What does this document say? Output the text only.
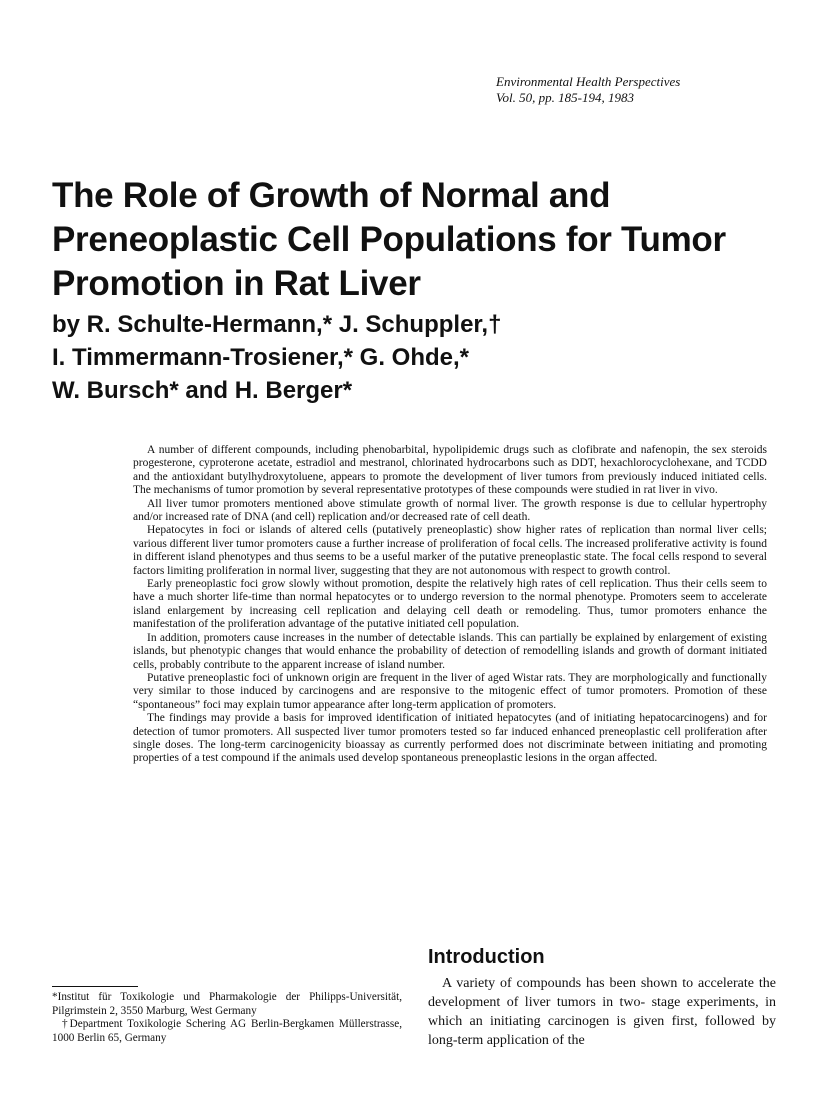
Environmental Health Perspectives
Vol. 50, pp. 185-194, 1983
The Role of Growth of Normal and
Preneoplastic Cell Populations for Tumor
Promotion in Rat Liver
by R. Schulte-Hermann,* J. Schuppler,†
I. Timmermann-Trosiener,* G. Ohde,*
W. Bursch* and H. Berger*

A number of different compounds, including phenobarbital, hypolipidemic drugs such as clofibrate and nafenopin, the sex steroids progesterone, cyproterone acetate, estradiol and mestranol, chlorinated hydrocarbons such as DDT, hexachlorocyclohexane, and TCDD and the antioxidant butylhydroxytoluene, appears to promote the development of liver tumors from previously induced initiated cells. The mechanisms of tumor promotion by several representative prototypes of these compounds were studied in rat liver in vivo.

All liver tumor promoters mentioned above stimulate growth of normal liver. The growth response is due to cellular hypertrophy and/or increased rate of DNA (and cell) replication and/or decreased rate of cell death.

Hepatocytes in foci or islands of altered cells (putatively preneoplastic) show higher rates of replication than normal liver cells; various different liver tumor promoters cause a further increase of proliferation of focal cells. The increased proliferative activity is found in different island phenotypes and thus seems to be a useful marker of the putative preneoplastic state. The focal cells respond to several factors limiting proliferation in normal liver, suggesting that they are not autonomous with respect to growth control.

Early preneoplastic foci grow slowly without promotion, despite the relatively high rates of cell replication. Thus their cells seem to have a much shorter life-time than normal hepatocytes or to undergo reversion to the normal phenotype. Promoters seem to accelerate island enlargement by increasing cell replication and delaying cell death or remodeling. Thus, tumor promoters enhance the manifestation of the proliferation advantage of the putative initiated cell population.

In addition, promoters cause increases in the number of detectable islands. This can partially be explained by enlargement of existing islands, but phenotypic changes that would enhance the probability of detection of remodelling islands and growth of dormant initiated cells, probably contribute to the apparent increase of island number.

Putative preneoplastic foci of unknown origin are frequent in the liver of aged Wistar rats. They are morphologically and functionally very similar to those induced by carcinogens and are responsive to the mitogenic effect of tumor promoters. Promotion of these “spontaneous” foci may explain tumor appearance after long-term application of promoters.

The findings may provide a basis for improved identification of initiated hepatocytes (and of initiating hepatocarcinogens) and for detection of tumor promoters. All suspected liver tumor promoters tested so far induced enhanced preneoplastic cell proliferation after single doses. The long-term carcinogenicity bioassay as currently performed does not discriminate between initiating and promoting properties of a test compound if the animals used develop spontaneous preneoplastic lesions in the organ affected.

Introduction

A variety of compounds has been shown to accelerate the development of liver tumors in two- stage experiments, in which an initiating carcinogen is given first, followed by long-term application of the

*Institut für Toxikologie und Pharmakologie der Philipps-Universität, Pilgrimstein 2, 3550 Marburg, West Germany

†Department Toxikologie Schering AG Berlin-Bergkamen Müllerstrasse, 1000 Berlin 65, Germany
